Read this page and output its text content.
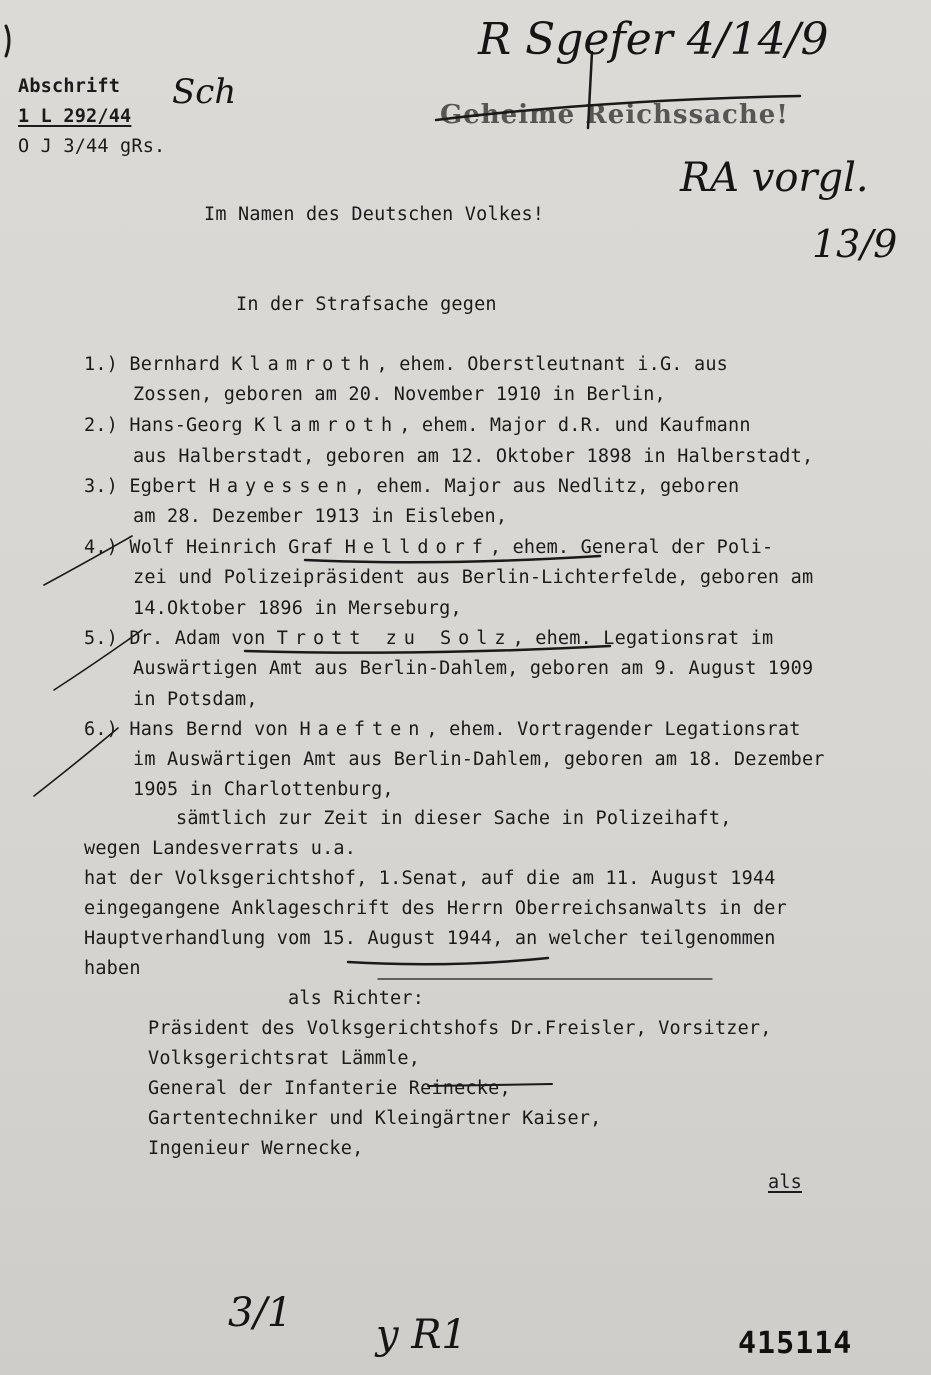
Abschrift
1 L 292/44
O J 3/44 gRs.
Sch
R Sgefer 4/14/9
Geheime Reichssache!
RA vorgl.
13/9
Im Namen des Deutschen Volkes!
In der Strafsache gegen
1.) Bernhard Klamroth, ehem. Oberstleutnant i.G. aus
Zossen, geboren am 20. November 1910 in Berlin,
2.) Hans-Georg Klamroth, ehem. Major d.R. und Kaufmann
aus Halberstadt, geboren am 12. Oktober 1898 in Halberstadt,
3.) Egbert Hayessen, ehem. Major aus Nedlitz, geboren
am 28. Dezember 1913 in Eisleben,
4.) Wolf Heinrich Graf Helldorf, ehem. General der Poli-
zei und Polizeipräsident aus Berlin-Lichterfelde, geboren am
14.Oktober 1896 in Merseburg,
5.) Dr. Adam von Trott zu Solz, ehem. Legationsrat im
Auswärtigen Amt aus Berlin-Dahlem, geboren am 9. August 1909
in Potsdam,
6.) Hans Bernd von Haeften, ehem. Vortragender Legationsrat
im Auswärtigen Amt aus Berlin-Dahlem, geboren am 18. Dezember
1905 in Charlottenburg,
sämtlich zur Zeit in dieser Sache in Polizeihaft,
wegen Landesverrats u.a.
hat der Volksgerichtshof, 1.Senat, auf die am 11. August 1944
eingegangene Anklageschrift des Herrn Oberreichsanwalts in der
Hauptverhandlung vom 15. August 1944, an welcher teilgenommen
haben
als Richter:
Präsident des Volksgerichtshofs Dr.Freisler, Vorsitzer,
Volksgerichtsrat Lämmle,
General der Infanterie Reinecke,
Gartentechniker und Kleingärtner Kaiser,
Ingenieur Wernecke,
als
3/1 y R1	415114
